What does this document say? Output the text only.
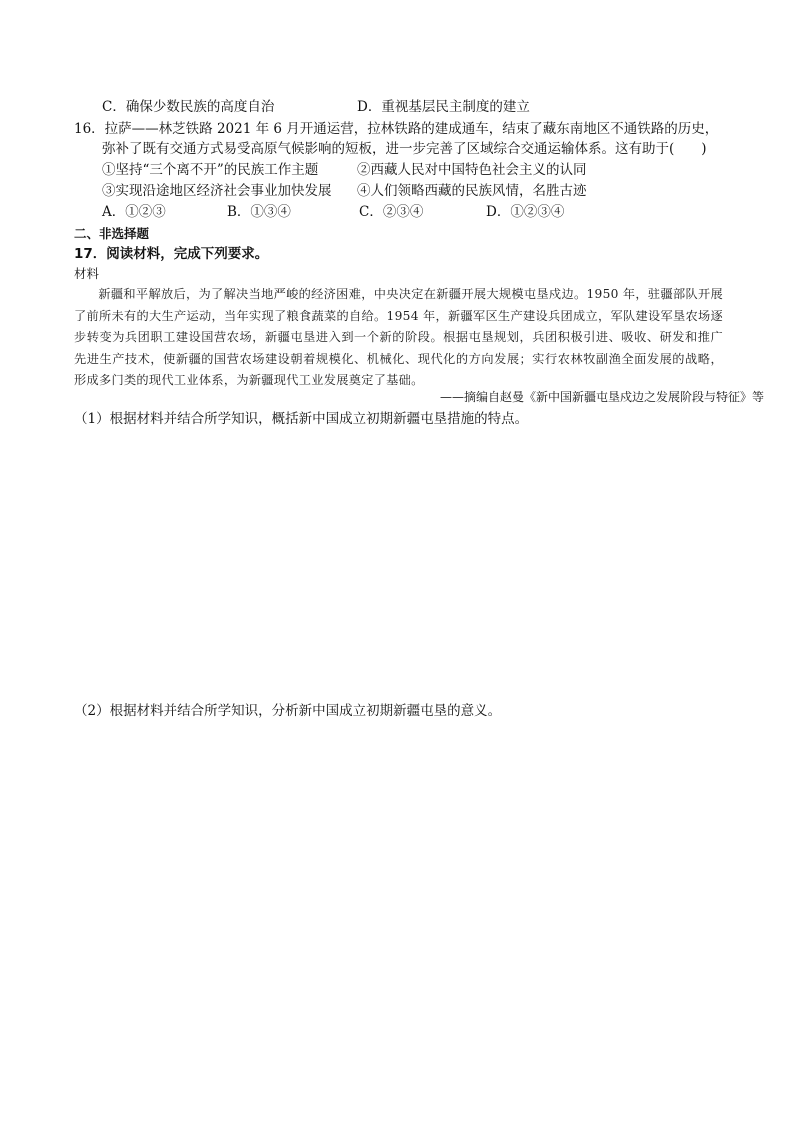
C．确保少数民族的高度自治	D．重视基层民主制度的建立
16．拉萨——林芝铁路 2021 年 6 月开通运营，拉林铁路的建成通车，结束了藏东南地区不通铁路的历史，
弥补了既有交通方式易受高原气候影响的短板，进一步完善了区域综合交通运输体系。这有助于(　　)
①坚持“三个离不开”的民族工作主题	②西藏人民对中国特色社会主义的认同
③实现沿途地区经济社会事业加快发展 ④人们领略西藏的民族风情，名胜古迹
A．①②③	B．①③④	C．②③④	D．①②③④
二、非选择题
17．阅读材料，完成下列要求。
材料

新疆和平解放后，为了解决当地严峻的经济困难，中央决定在新疆开展大规模屯垦戍边。1950 年，驻疆部队开展了前所未有的大生产运动，当年实现了粮食蔬菜的自给。1954 年，新疆军区生产建设兵团成立，军队建设军垦农场逐步转变为兵团职工建设国营农场，新疆屯垦进入到一个新的阶段。根据屯垦规划，兵团积极引进、吸收、研发和推广先进生产技术，使新疆的国营农场建设朝着规模化、机械化、现代化的方向发展；实行农林牧副渔全面发展的战略，形成多门类的现代工业体系，为新疆现代工业发展奠定了基础。

——摘编自赵曼《新中国新疆屯垦戍边之发展阶段与特征》等
（1）根据材料并结合所学知识，概括新中国成立初期新疆屯垦措施的特点。
（2）根据材料并结合所学知识，分析新中国成立初期新疆屯垦的意义。
